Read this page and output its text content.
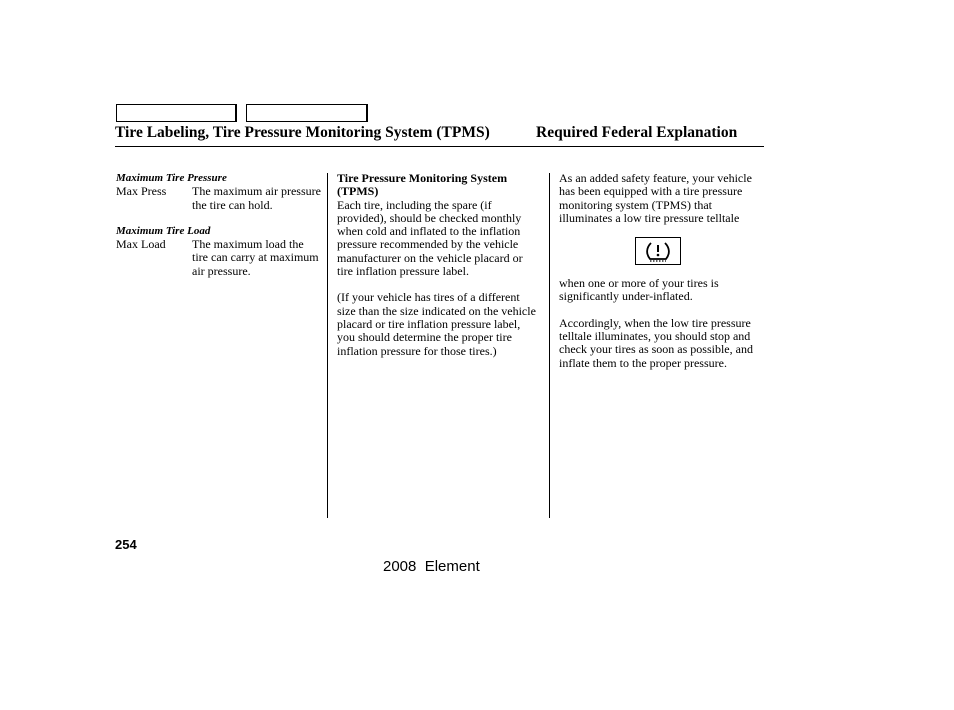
Tire Labeling, Tire Pressure Monitoring System (TPMS)	Required Federal Explanation
Maximum Tire Pressure
Max Press The maximum air pressure the tire can hold.
Maximum Tire Load
Max Load The maximum load the tire can carry at maximum air pressure.
Tire Pressure Monitoring System (TPMS)

Each tire, including the spare (if provided), should be checked monthly when cold and inflated to the inflation pressure recommended by the vehicle manufacturer on the vehicle placard or tire inflation pressure label.

(If your vehicle has tires of a different size than the size indicated on the vehicle placard or tire inflation pressure label, you should determine the proper tire inflation pressure for those tires.)

As an added safety feature, your vehicle has been equipped with a tire pressure monitoring system (TPMS) that illuminates a low tire pressure telltale

when one or more of your tires is significantly under-inflated.

Accordingly, when the low tire pressure telltale illuminates, you should stop and check your tires as soon as possible, and inflate them to the proper pressure.

254
2008  Element
